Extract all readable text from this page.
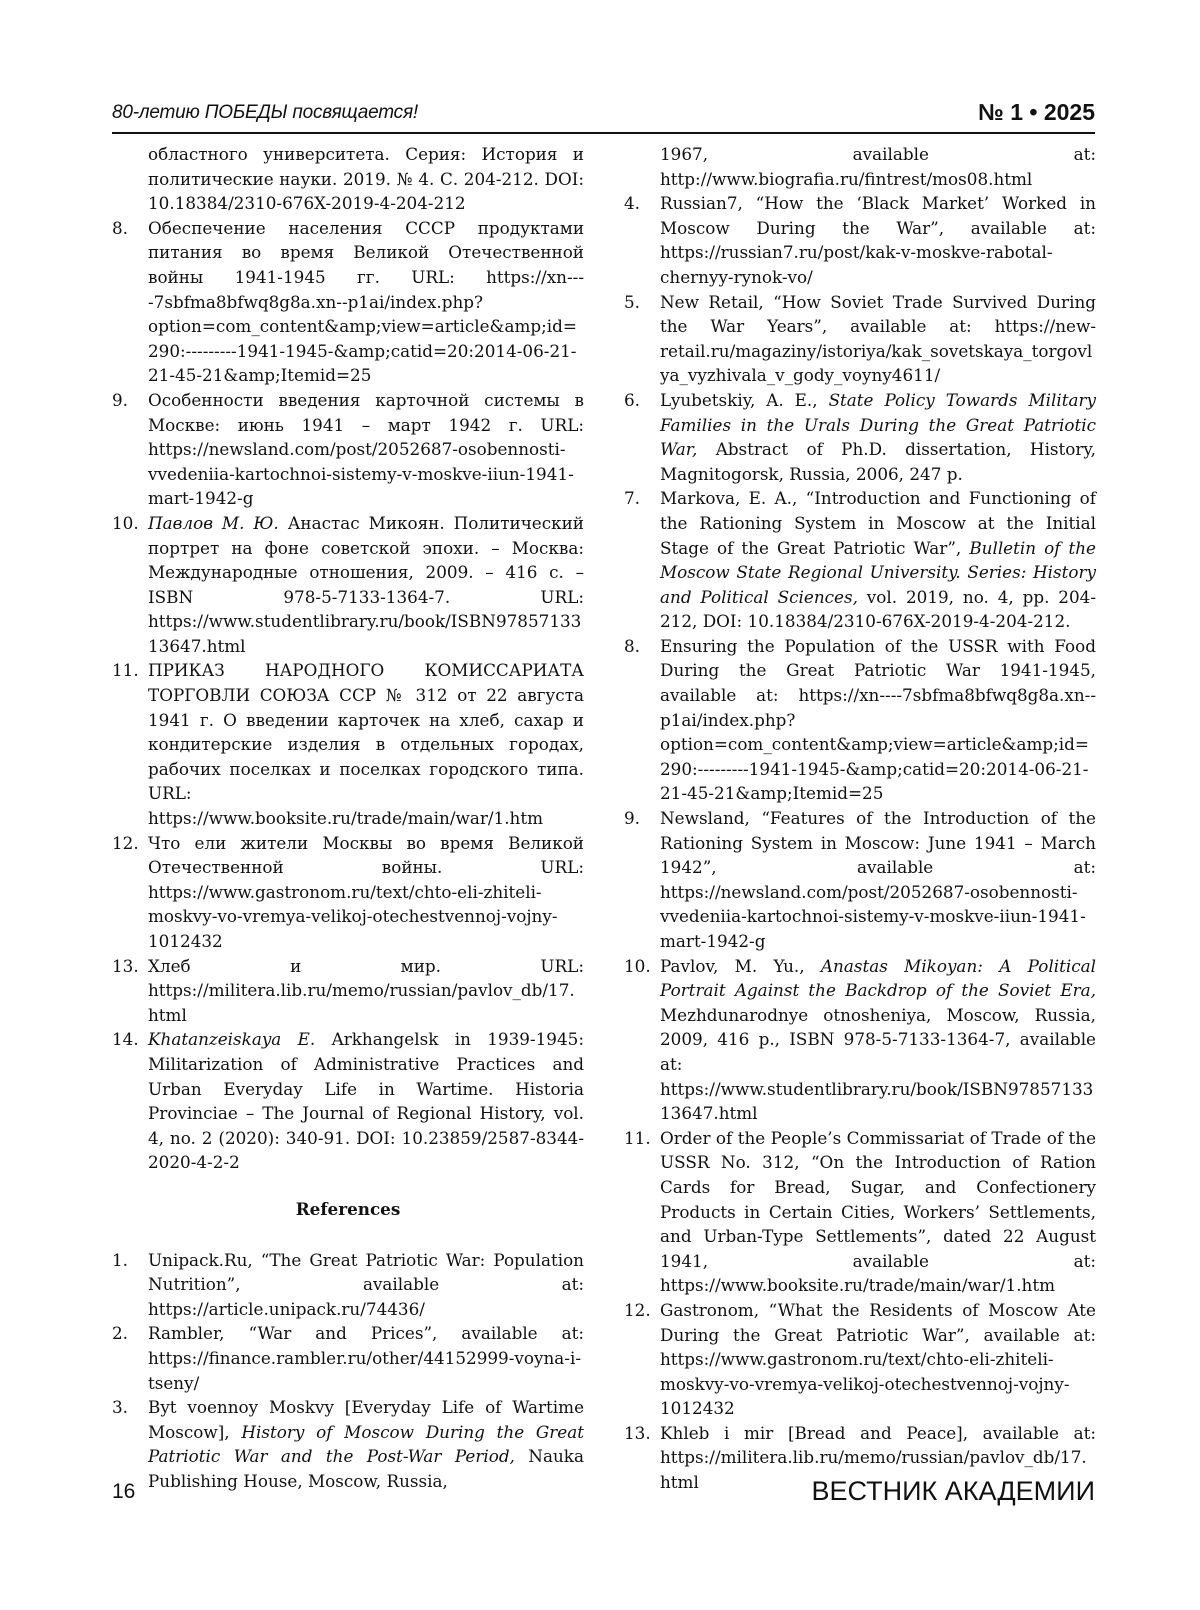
80-летию ПОБЕДЫ посвящается!	№ 1 • 2025
областного университета. Серия: История и политические науки. 2019. № 4. С. 204-212. DOI: 10.18384/2310-676X-2019-4-204-212
8.	Обеспечение населения СССР продуктами питания во время Великой Отечественной войны 1941-1945 гг. URL: https://xn----7sbfma8bfwq8g8a.xn--p1ai/index.php?option=com_content&amp;view=article&amp;id=290:---------1941-1945-&amp;catid=20:2014-06-21-21-45-21&amp;Itemid=25
9.	Особенности введения карточной системы в Москве: июнь 1941 – март 1942 г. URL: https://newsland.com/post/2052687-osobennosti-vvedeniia-kartochnoi-sistemy-v-moskve-iiun-1941-mart-1942-g
10. Павлов М. Ю. Анастас Микоян. Политический портрет на фоне советской эпохи. – Москва: Международные отношения, 2009. – 416 с. – ISBN 978-5-7133-1364-7. URL: https://www.studentlibrary.ru/book/ISBN9785713313647.html
11. ПРИКАЗ НАРОДНОГО КОМИССАРИАТА ТОРГОВЛИ СОЮЗА ССР № 312 от 22 августа 1941 г. О введении карточек на хлеб, сахар и кондитерские изделия в отдельных городах, рабочих поселках и поселках городского типа. URL: https://www.booksite.ru/trade/main/war/1.htm
12. Что ели жители Москвы во время Великой Отечественной войны. URL: https://www.gastronom.ru/text/chto-eli-zhiteli-moskvy-vo-vremya-velikoj-otechestvennoj-vojny-1012432
13. Хлеб и мир. URL: https://militera.lib.ru/memo/russian/pavlov_db/17.html
14. Khatanzeiskaya E. Arkhangelsk in 1939-1945: Militarization of Administrative Practices and Urban Everyday Life in Wartime. Historia Provinciae – The Journal of Regional History, vol. 4, no. 2 (2020): 340-91. DOI: 10.23859/2587-8344-2020-4-2-2
References
1.	Unipack.Ru, “The Great Patriotic War: Population Nutrition”, available at: https://article.unipack.ru/74436/
2.	Rambler, “War and Prices”, available at: https://finance.rambler.ru/other/44152999-voyna-i-tseny/
3.	Byt voennoy Moskvy [Everyday Life of Wartime Moscow], History of Moscow During the Great Patriotic War and the Post-War Period, Nauka Publishing House, Moscow, Russia,
1967, available at: http://www.biografia.ru/fintrest/mos08.html
4.	Russian7, “How the ‘Black Market’ Worked in Moscow During the War”, available at: https://russian7.ru/post/kak-v-moskve-rabotal-chernyy-rynok-vo/
5.	New Retail, “How Soviet Trade Survived During the War Years”, available at: https://new-retail.ru/magaziny/istoriya/kak_sovetskaya_torgovlya_vyzhivala_v_gody_voyny4611/
6.	Lyubetskiy, A. E., State Policy Towards Military Families in the Urals During the Great Patriotic War, Abstract of Ph.D. dissertation, History, Magnitogorsk, Russia, 2006, 247 p.
7.	Markova, E. A., “Introduction and Functioning of the Rationing System in Moscow at the Initial Stage of the Great Patriotic War”, Bulletin of the Moscow State Regional University. Series: History and Political Sciences, vol. 2019, no. 4, pp. 204-212, DOI: 10.18384/2310-676X-2019-4-204-212.
8.	Ensuring the Population of the USSR with Food During the Great Patriotic War 1941-1945, available at: https://xn----7sbfma8bfwq8g8a.xn--p1ai/index.php?option=com_content&amp;view=article&amp;id=290:---------1941-1945-&amp;catid=20:2014-06-21-21-45-21&amp;Itemid=25
9.	Newsland, “Features of the Introduction of the Rationing System in Moscow: June 1941 – March 1942”, available at: https://newsland.com/post/2052687-osobennosti-vvedeniia-kartochnoi-sistemy-v-moskve-iiun-1941-mart-1942-g
10. Pavlov, M. Yu., Anastas Mikoyan: A Political Portrait Against the Backdrop of the Soviet Era, Mezhdunarodnye otnosheniya, Moscow, Russia, 2009, 416 p., ISBN 978-5-7133-1364-7, available at: https://www.studentlibrary.ru/book/ISBN9785713313647.html
11. Order of the People’s Commissariat of Trade of the USSR No. 312, “On the Introduction of Ration Cards for Bread, Sugar, and Confectionery Products in Certain Cities, Workers’ Settlements, and Urban-Type Settlements”, dated 22 August 1941, available at: https://www.booksite.ru/trade/main/war/1.htm
12. Gastronom, “What the Residents of Moscow Ate During the Great Patriotic War”, available at: https://www.gastronom.ru/text/chto-eli-zhiteli-moskvy-vo-vremya-velikoj-otechestvennoj-vojny-1012432
13. Khleb i mir [Bread and Peace], available at: https://militera.lib.ru/memo/russian/pavlov_db/17.html
16	ВЕСТНИК АКАДЕМИИ
